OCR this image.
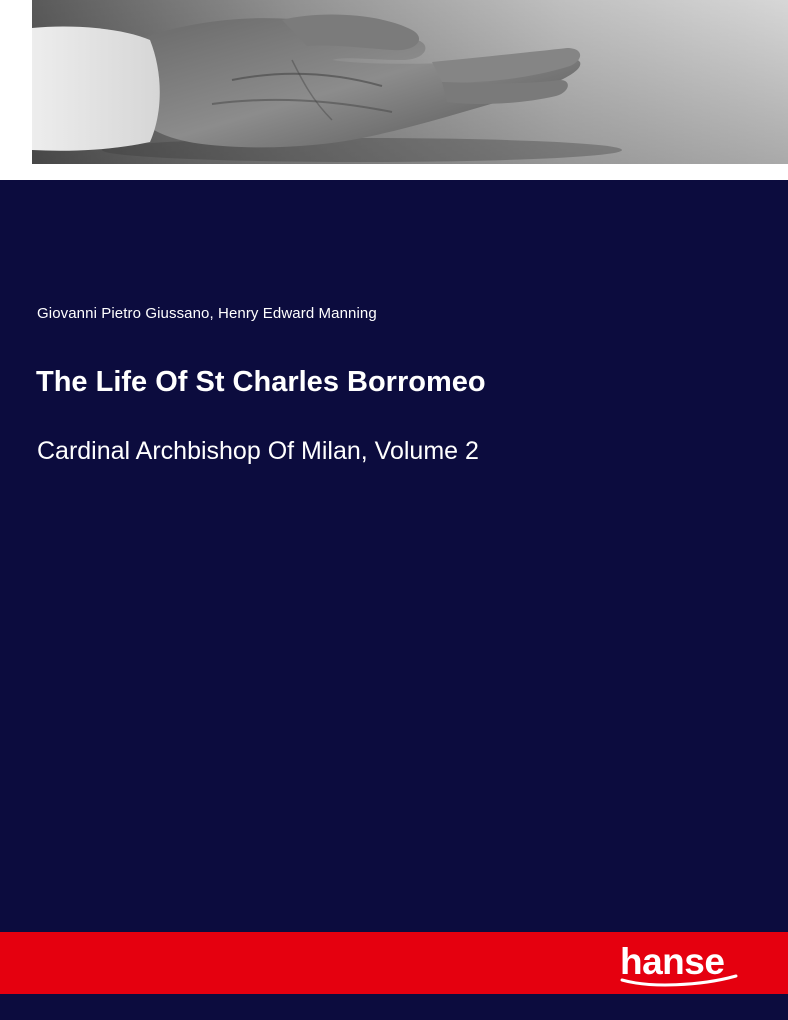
Giovanni Pietro Giussano, Henry Edward Manning
The Life Of St Charles Borromeo
Cardinal Archbishop Of Milan, Volume 2
hanse
